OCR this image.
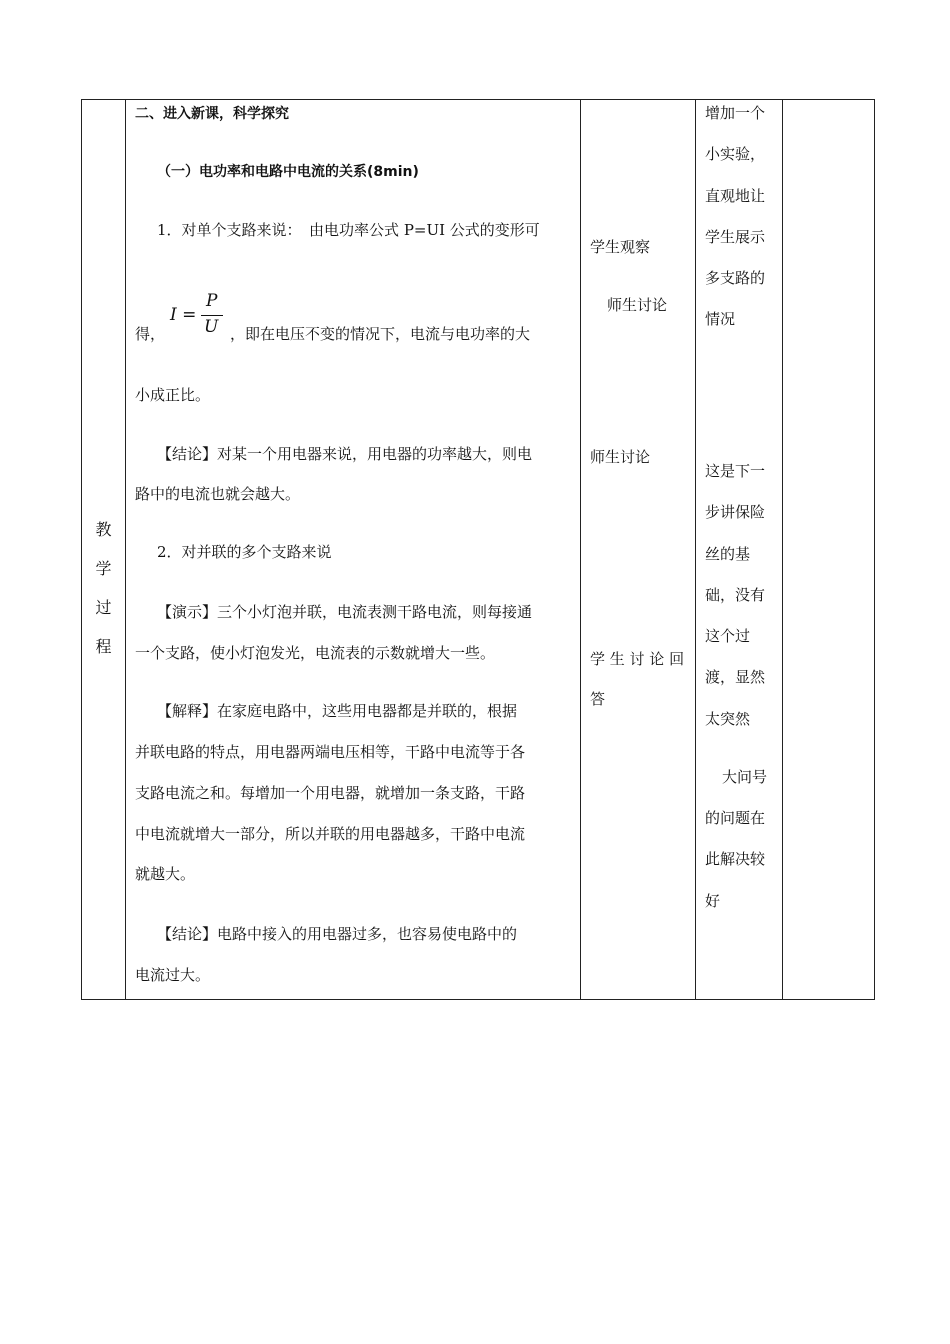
教
学
过
程

二、进入新课，科学探究
（一）电功率和电路中电流的关系(8min)
1．对单个支路来说：　由电功率公式 P=UI 公式的变形可
得，
I =
P
U ，即在电压不变的情况下，电流与电功率的大
小成正比。
【结论】对某一个用电器来说，用电器的功率越大，则电
路中的电流也就会越大。
2．对并联的多个支路来说
【演示】三个小灯泡并联，电流表测干路电流，则每接通
一个支路，使小灯泡发光，电流表的示数就增大一些。
【解释】在家庭电路中，这些用电器都是并联的，根据
并联电路的特点，用电器两端电压相等，干路中电流等于各
支路电流之和。每增加一个用电器，就增加一条支路，干路
中电流就增大一部分，所以并联的用电器越多，干路中电流
就越大。
【结论】电路中接入的用电器过多，也容易使电路中的
电流过大。

学生观察
师生讨论
师生讨论
学 生 讨 论 回
答

增加一个
小实验，
直观地让
学生展示
多支路的
情况
这是下一
步讲保险
丝的基
础，没有
这个过
渡，显然
太突然
大问号
的问题在
此解决较
好
